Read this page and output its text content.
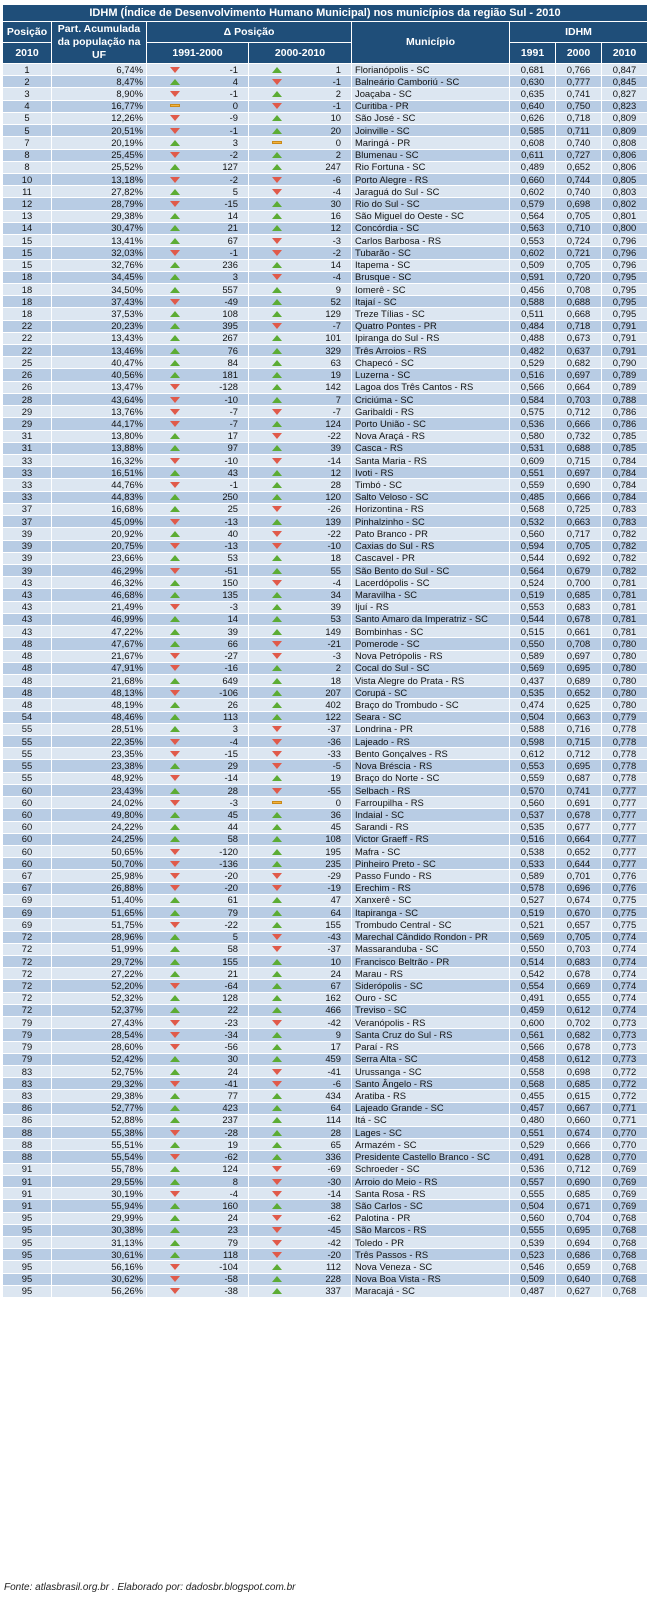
IDHM (Índice de Desenvolvimento Humano Municipal) nos municípios da região Sul - 2010							
Posição	Part. Acumulada da população na UF	Δ Posição		Município	IDHM		
2010		1991-2000	2000-2010		1991	2000	2010
1	6,74%	-1	1	Florianópolis - SC	0,681	0,766	0,847
2	8,47%	4	-1	Balneário Camboriú - SC	0,630	0,777	0,845
3	8,90%	-1	2	Joaçaba - SC	0,635	0,741	0,827
4	16,77%	0	-1	Curitiba - PR	0,640	0,750	0,823
5	12,26%	-9	10	São José - SC	0,626	0,718	0,809
5	20,51%	-1	20	Joinville - SC	0,585	0,711	0,809
7	20,19%	3	0	Maringá - PR	0,608	0,740	0,808
8	25,45%	-2	2	Blumenau - SC	0,611	0,727	0,806
8	25,52%	127	247	Rio Fortuna - SC	0,489	0,652	0,806
10	13,18%	-2	-6	Porto Alegre - RS	0,660	0,744	0,805
11	27,82%	5	-4	Jaraguá do Sul - SC	0,602	0,740	0,803
12	28,79%	-15	30	Rio do Sul - SC	0,579	0,698	0,802
13	29,38%	14	16	São Miguel do Oeste - SC	0,564	0,705	0,801
14	30,47%	21	12	Concórdia - SC	0,563	0,710	0,800
15	13,41%	67	-3	Carlos Barbosa - RS	0,553	0,724	0,796
15	32,03%	-1	-2	Tubarão - SC	0,602	0,721	0,796
15	32,76%	236	14	Itapema - SC	0,509	0,705	0,796
18	34,45%	3	-4	Brusque - SC	0,591	0,720	0,795
18	34,50%	557	9	Iomerê - SC	0,456	0,708	0,795
18	37,43%	-49	52	Itajaí - SC	0,588	0,688	0,795
18	37,53%	108	129	Treze Tílias - SC	0,511	0,668	0,795
22	20,23%	395	-7	Quatro Pontes - PR	0,484	0,718	0,791
22	13,43%	267	101	Ipiranga do Sul - RS	0,488	0,673	0,791
22	13,46%	76	329	Três Arroios - RS	0,482	0,637	0,791
25	40,47%	84	63	Chapecó - SC	0,529	0,682	0,790
26	40,56%	181	19	Luzerna - SC	0,516	0,697	0,789
26	13,47%	-128	142	Lagoa dos Três Cantos - RS	0,566	0,664	0,789
28	43,64%	-10	7	Criciúma - SC	0,584	0,703	0,788
29	13,76%	-7	-7	Garibaldi - RS	0,575	0,712	0,786
29	44,17%	-7	124	Porto União - SC	0,536	0,666	0,786
31	13,80%	17	-22	Nova Araçá - RS	0,580	0,732	0,785
31	13,88%	97	39	Casca - RS	0,531	0,688	0,785
33	16,32%	-10	-14	Santa Maria - RS	0,609	0,715	0,784
33	16,51%	43	12	Ivoti - RS	0,551	0,697	0,784
33	44,76%	-1	28	Timbó - SC	0,559	0,690	0,784
33	44,83%	250	120	Salto Veloso - SC	0,485	0,666	0,784
37	16,68%	25	-26	Horizontina - RS	0,568	0,725	0,783
37	45,09%	-13	139	Pinhalzinho - SC	0,532	0,663	0,783
39	20,92%	40	-22	Pato Branco - PR	0,560	0,717	0,782
39	20,75%	-13	-10	Caxias do Sul - RS	0,594	0,705	0,782
39	23,66%	53	18	Cascavel - PR	0,544	0,692	0,782
39	46,29%	-51	55	São Bento do Sul - SC	0,564	0,679	0,782
43	46,32%	150	-4	Lacerdópolis - SC	0,524	0,700	0,781
43	46,68%	135	34	Maravilha - SC	0,519	0,685	0,781
43	21,49%	-3	39	Ijuí - RS	0,553	0,683	0,781
43	46,99%	14	53	Santo Amaro da Imperatriz - SC	0,544	0,678	0,781
43	47,22%	39	149	Bombinhas - SC	0,515	0,661	0,781
48	47,67%	66	-21	Pomerode - SC	0,550	0,708	0,780
48	21,67%	-27	-3	Nova Petrópolis - RS	0,589	0,697	0,780
48	47,91%	-16	2	Cocal do Sul - SC	0,569	0,695	0,780
48	21,68%	649	18	Vista Alegre do Prata - RS	0,437	0,689	0,780
48	48,13%	-106	207	Corupá - SC	0,535	0,652	0,780
48	48,19%	26	402	Braço do Trombudo - SC	0,474	0,625	0,780
54	48,46%	113	122	Seara - SC	0,504	0,663	0,779
55	28,51%	3	-37	Londrina - PR	0,588	0,716	0,778
55	22,35%	-4	-36	Lajeado - RS	0,598	0,715	0,778
55	23,35%	-15	-33	Bento Gonçalves - RS	0,612	0,712	0,778
55	23,38%	29	-5	Nova Bréscia - RS	0,553	0,695	0,778
55	48,92%	-14	19	Braço do Norte - SC	0,559	0,687	0,778
60	23,43%	28	-55	Selbach - RS	0,570	0,741	0,777
60	24,02%	-3	0	Farroupilha - RS	0,560	0,691	0,777
60	49,80%	45	36	Indaial - SC	0,537	0,678	0,777
60	24,22%	44	45	Sarandi - RS	0,535	0,677	0,777
60	24,25%	58	108	Victor Graeff - RS	0,516	0,664	0,777
60	50,65%	-120	195	Mafra - SC	0,538	0,652	0,777
60	50,70%	-136	235	Pinheiro Preto - SC	0,533	0,644	0,777
67	25,98%	-20	-29	Passo Fundo - RS	0,589	0,701	0,776
67	26,88%	-20	-19	Erechim - RS	0,578	0,696	0,776
69	51,40%	61	47	Xanxerê - SC	0,527	0,674	0,775
69	51,65%	79	64	Itapiranga - SC	0,519	0,670	0,775
69	51,75%	-22	155	Trombudo Central - SC	0,521	0,657	0,775
72	28,96%	5	-43	Marechal Cândido Rondon - PR	0,569	0,705	0,774
72	51,99%	58	-37	Massaranduba - SC	0,550	0,703	0,774
72	29,72%	155	10	Francisco Beltrão - PR	0,514	0,683	0,774
72	27,22%	21	24	Marau - RS	0,542	0,678	0,774
72	52,20%	-64	67	Siderópolis - SC	0,554	0,669	0,774
72	52,32%	128	162	Ouro - SC	0,491	0,655	0,774
72	52,37%	22	466	Treviso - SC	0,459	0,612	0,774
79	27,43%	-23	-42	Veranópolis - RS	0,600	0,702	0,773
79	28,54%	-34	9	Santa Cruz do Sul - RS	0,561	0,682	0,773
79	28,60%	-56	17	Paraí - RS	0,566	0,678	0,773
79	52,42%	30	459	Serra Alta - SC	0,458	0,612	0,773
83	52,75%	24	-41	Urussanga - SC	0,558	0,698	0,772
83	29,32%	-41	-6	Santo Ângelo - RS	0,568	0,685	0,772
83	29,38%	77	434	Aratiba - RS	0,455	0,615	0,772
86	52,77%	423	64	Lajeado Grande - SC	0,457	0,667	0,771
86	52,88%	237	114	Itá - SC	0,480	0,660	0,771
88	55,38%	-28	28	Lages - SC	0,551	0,674	0,770
88	55,51%	19	65	Armazém - SC	0,529	0,666	0,770
88	55,54%	-62	336	Presidente Castello Branco - SC	0,491	0,628	0,770
91	55,78%	124	-69	Schroeder - SC	0,536	0,712	0,769
91	29,55%	8	-30	Arroio do Meio - RS	0,557	0,690	0,769
91	30,19%	-4	-14	Santa Rosa - RS	0,555	0,685	0,769
91	55,94%	160	38	São Carlos - SC	0,504	0,671	0,769
95	29,99%	24	-62	Palotina - PR	0,560	0,704	0,768
95	30,38%	23	-45	São Marcos - RS	0,555	0,695	0,768
95	31,13%	79	-42	Toledo - PR	0,539	0,694	0,768
95	30,61%	118	-20	Três Passos - RS	0,523	0,686	0,768
95	56,16%	-104	112	Nova Veneza - SC	0,546	0,659	0,768
95	30,62%	-58	228	Nova Boa Vista - RS	0,509	0,640	0,768
95	56,26%	-38	337	Maracajá - SC	0,487	0,627	0,768
Fonte: atlasbrasil.org.br . Elaborado por: dadosbr.blogspot.com.br
